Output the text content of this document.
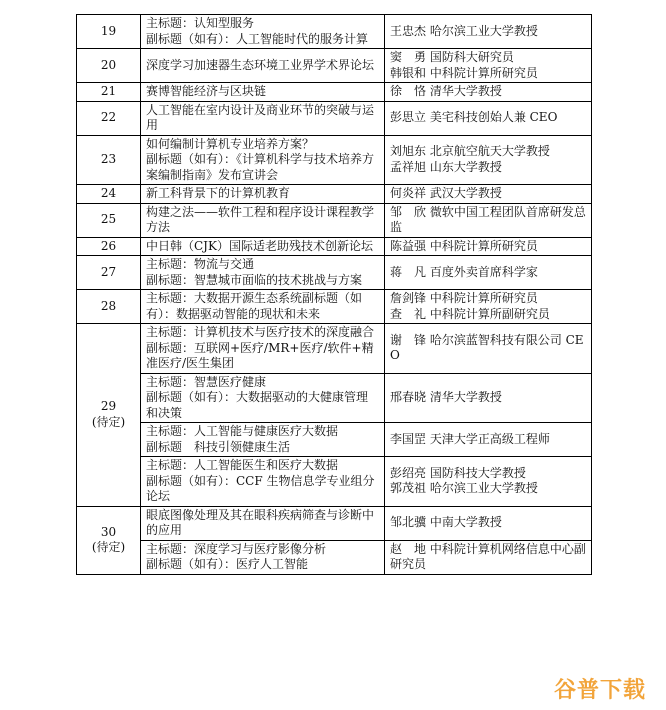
19	主标题：认知型服务
副标题（如有）：人工智能时代的服务计算	王忠杰 哈尔滨工业大学教授

20	深度学习加速器生态环境工业界学术界论坛	窦　勇 国防科大研究员
韩银和 中科院计算所研究员

21	赛博智能经济与区块链	徐　恪 清华大学教授

22	人工智能在室内设计及商业环节的突破与运用	彭思立 美宅科技创始人兼 CEO

23	如何编制计算机专业培养方案？
副标题（如有）：《计算机科学与技术培养方案编制指南》发布宣讲会	刘旭东 北京航空航天大学教授
孟祥旭 山东大学教授

24	新工科背景下的计算机教育	何炎祥 武汉大学教授

25	构建之法——软件工程和程序设计课程教学方法	邹　欣 微软中国工程团队首席研发总监

26	中日韩（CJK）国际适老助残技术创新论坛	陈益强 中科院计算所研究员

27	主标题：物流与交通
副标题：智慧城市面临的技术挑战与方案	蒋　凡 百度外卖首席科学家

28	主标题：大数据开源生态系统副标题（如有）：数据驱动智能的现状和未来	詹剑锋 中科院计算所研究员
查　礼 中科院计算所副研究员

29
(待定)	主标题：计算机技术与医疗技术的深度融合
副标题：互联网+医疗/MR+医疗/软件+精准医疗/医生集团	谢　锋 哈尔滨蓝智科技有限公司 CEO

	主标题：智慧医疗健康
副标题（如有）：大数据驱动的大健康管理和决策	邢春晓 清华大学教授

	主标题：人工智能与健康医疗大数据
副标题　科技引领健康生活	李国罡 天津大学正高级工程师

	主标题：人工智能医生和医疗大数据
副标题（如有）：CCF 生物信息学专业组分论坛	彭绍亮 国防科技大学教授
郭茂祖 哈尔滨工业大学教授

30
(待定)	眼底图像处理及其在眼科疾病筛查与诊断中的应用	邹北骥 中南大学教授

	主标题：深度学习与医疗影像分析
副标题（如有）：医疗人工智能	赵　地 中科院计算机网络信息中心副研究员
谷普下载
